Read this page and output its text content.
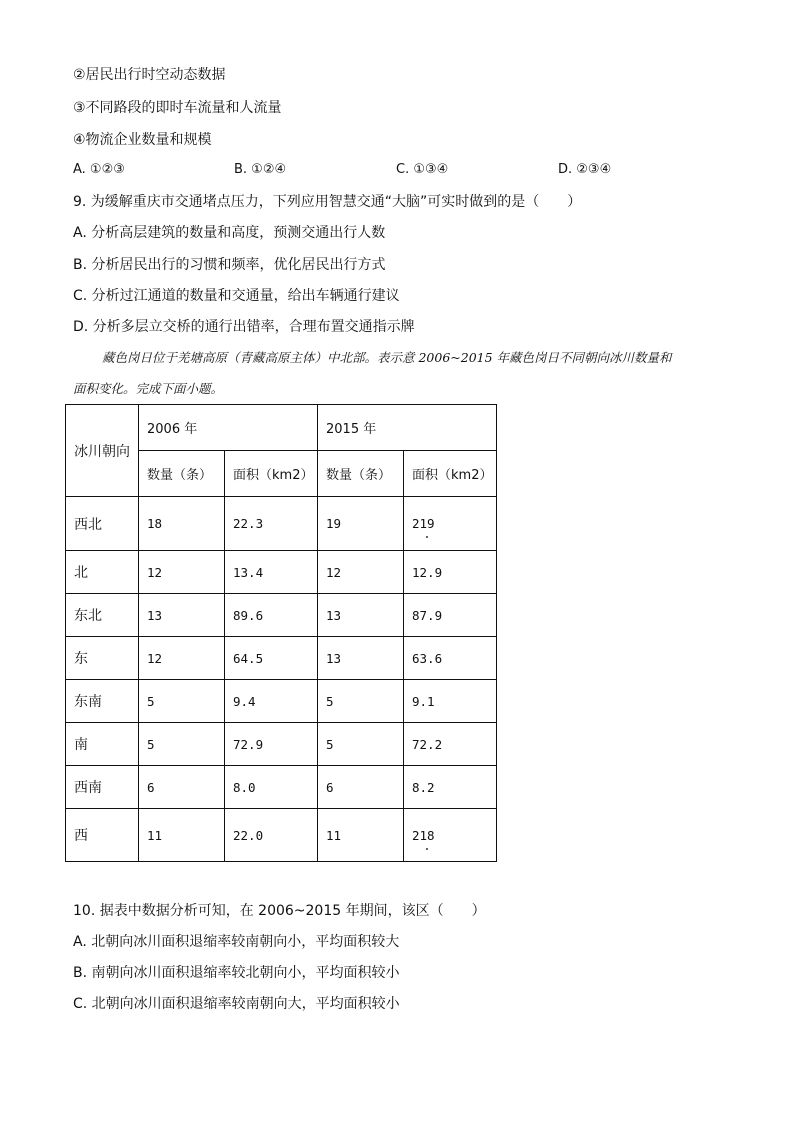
②居民出行时空动态数据
③不同路段的即时车流量和人流量
④物流企业数量和规模
A. ①②③	B. ①②④	C. ①③④	D. ②③④
9. 为缓解重庆市交通堵点压力，下列应用智慧交通“大脑”可实时做到的是（　　）
A. 分析高层建筑的数量和高度，预测交通出行人数
B. 分析居民出行的习惯和频率，优化居民出行方式
C. 分析过江通道的数量和交通量，给出车辆通行建议
D. 分析多层立交桥的通行出错率，合理布置交通指示牌
藏色岗日位于羌塘高原（青藏高原主体）中北部。表示意 2006~2015 年藏色岗日不同朝向冰川数量和
面积变化。完成下面小题。
冰川朝向	2006 年		2015 年	
	数量（条）	面积（km2）	数量（条）	面积（km2）
西北	18	22.3	19	219
北	12	13.4	12	12.9
东北	13	89.6	13	87.9
东	12	64.5	13	63.6
东南	5	9.4	5	9.1
南	5	72.9	5	72.2
西南	6	8.0	6	8.2
西	11	22.0	11	218
10. 据表中数据分析可知，在 2006~2015 年期间，该区（　　）
A. 北朝向冰川面积退缩率较南朝向小，平均面积较大
B. 南朝向冰川面积退缩率较北朝向小，平均面积较小
C. 北朝向冰川面积退缩率较南朝向大，平均面积较小
